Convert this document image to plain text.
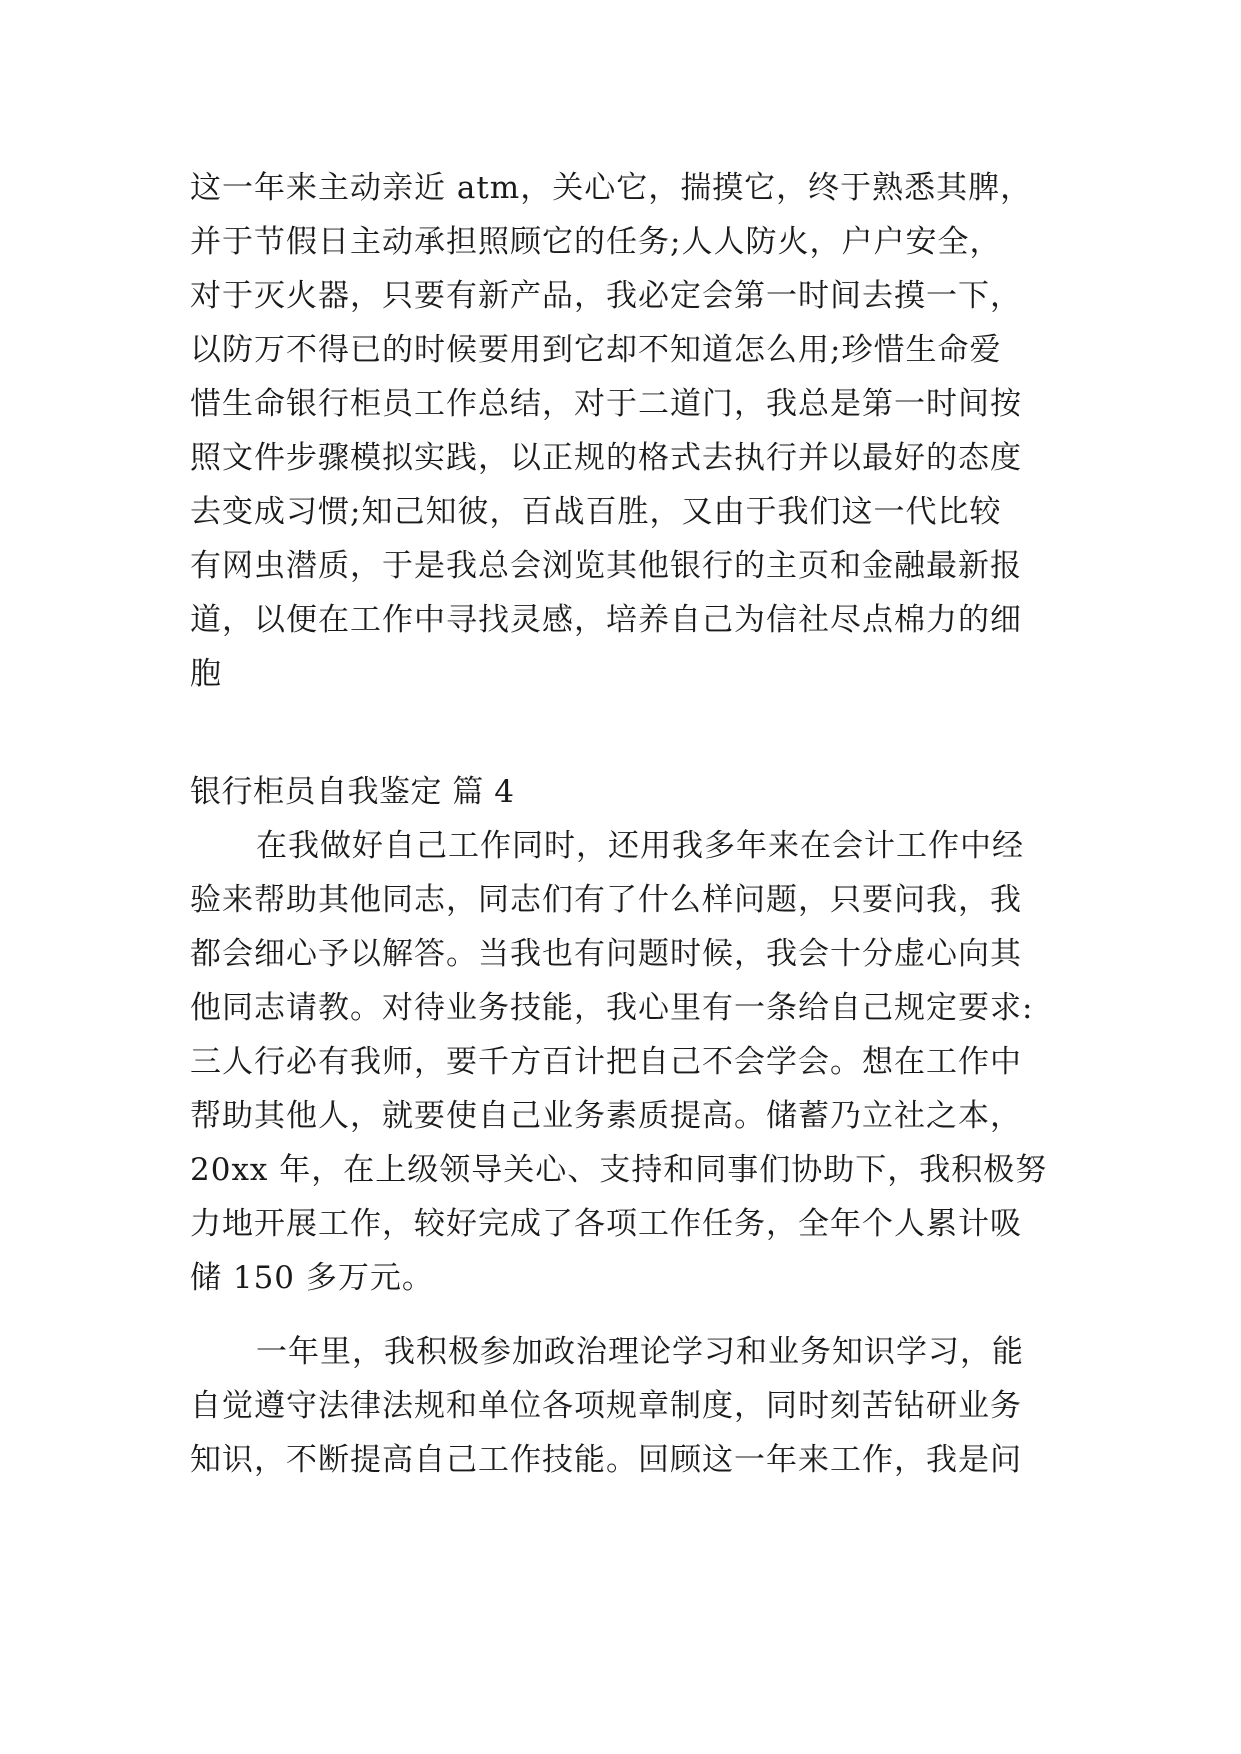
这一年来主动亲近 atm，关心它，揣摸它，终于熟悉其脾，
并于节假日主动承担照顾它的任务;人人防火，户户安全，
对于灭火器，只要有新产品，我必定会第一时间去摸一下，
以防万不得已的时候要用到它却不知道怎么用;珍惜生命爱
惜生命银行柜员工作总结，对于二道门，我总是第一时间按
照文件步骤模拟实践，以正规的格式去执行并以最好的态度
去变成习惯;知己知彼，百战百胜，又由于我们这一代比较
有网虫潜质，于是我总会浏览其他银行的主页和金融最新报
道，以便在工作中寻找灵感，培养自己为信社尽点棉力的细
胞
银行柜员自我鉴定 篇 4
在我做好自己工作同时，还用我多年来在会计工作中经
验来帮助其他同志，同志们有了什么样问题，只要问我，我
都会细心予以解答。当我也有问题时候，我会十分虚心向其
他同志请教。对待业务技能，我心里有一条给自己规定要求:
三人行必有我师，要千方百计把自己不会学会。想在工作中
帮助其他人，就要使自己业务素质提高。储蓄乃立社之本，
20xx 年，在上级领导关心、支持和同事们协助下，我积极努
力地开展工作，较好完成了各项工作任务，全年个人累计吸
储 150 多万元。
一年里，我积极参加政治理论学习和业务知识学习，能
自觉遵守法律法规和单位各项规章制度，同时刻苦钻研业务
知识，不断提高自己工作技能。回顾这一年来工作，我是问
